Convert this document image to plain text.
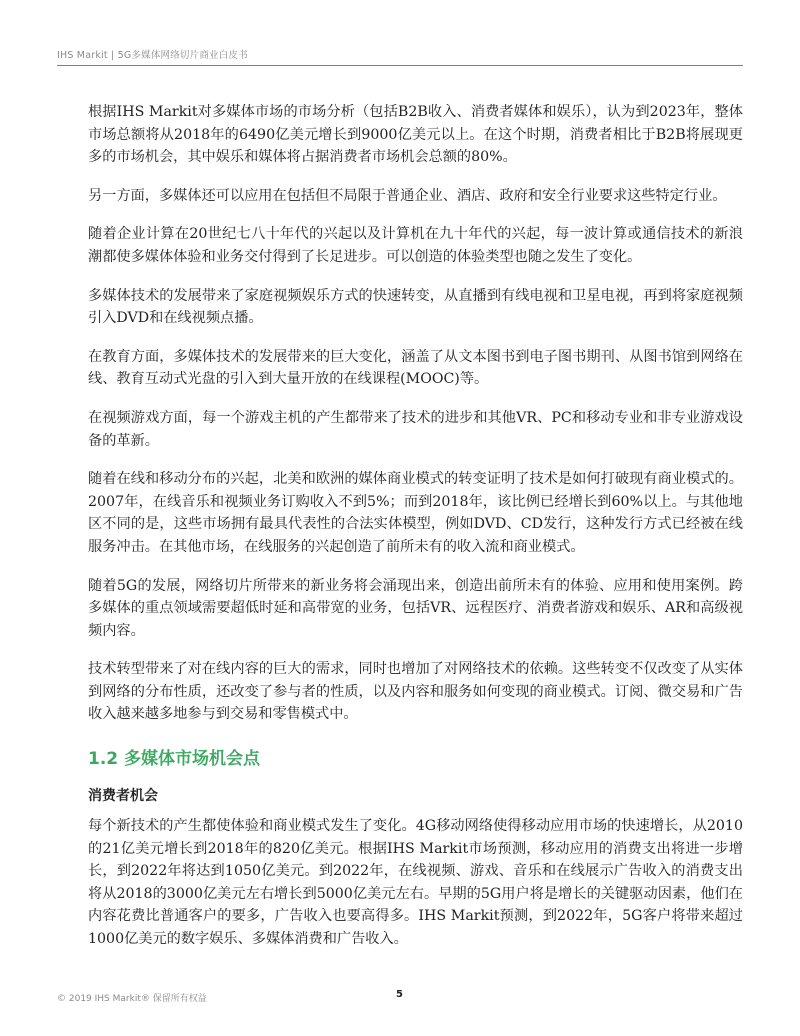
IHS Markit | 5G多媒体网络切片商业白皮书

根据IHS Markit对多媒体市场的市场分析（包括B2B收入、消费者媒体和娱乐），认为到2023年，整体市场总额将从2018年的6490亿美元增长到9000亿美元以上。在这个时期，消费者相比于B2B将展现更多的市场机会，其中娱乐和媒体将占据消费者市场机会总额的80%。

另一方面，多媒体还可以应用在包括但不局限于普通企业、酒店、政府和安全行业要求这些特定行业。

随着企业计算在20世纪七八十年代的兴起以及计算机在九十年代的兴起，每一波计算或通信技术的新浪潮都使多媒体体验和业务交付得到了长足进步。可以创造的体验类型也随之发生了变化。

多媒体技术的发展带来了家庭视频娱乐方式的快速转变，从直播到有线电视和卫星电视，再到将家庭视频引入DVD和在线视频点播。

在教育方面，多媒体技术的发展带来的巨大变化，涵盖了从文本图书到电子图书期刊、从图书馆到网络在线、教育互动式光盘的引入到大量开放的在线课程(MOOC)等。

在视频游戏方面，每一个游戏主机的产生都带来了技术的进步和其他VR、PC和移动专业和非专业游戏设备的革新。

随着在线和移动分布的兴起，北美和欧洲的媒体商业模式的转变证明了技术是如何打破现有商业模式的。2007年，在线音乐和视频业务订购收入不到5%；而到2018年，该比例已经增长到60%以上。与其他地区不同的是，这些市场拥有最具代表性的合法实体模型，例如DVD、CD发行，这种发行方式已经被在线服务冲击。在其他市场，在线服务的兴起创造了前所未有的收入流和商业模式。

随着5G的发展，网络切片所带来的新业务将会涌现出来，创造出前所未有的体验、应用和使用案例。跨多媒体的重点领域需要超低时延和高带宽的业务，包括VR、远程医疗、消费者游戏和娱乐、AR和高级视频内容。

技术转型带来了对在线内容的巨大的需求，同时也增加了对网络技术的依赖。这些转变不仅改变了从实体到网络的分布性质，还改变了参与者的性质，以及内容和服务如何变现的商业模式。订阅、微交易和广告收入越来越多地参与到交易和零售模式中。

1.2 多媒体市场机会点
消费者机会

每个新技术的产生都使体验和商业模式发生了变化。4G移动网络使得移动应用市场的快速增长，从2010的21亿美元增长到2018年的820亿美元。根据IHS Markit市场预测，移动应用的消费支出将进一步增长，到2022年将达到1050亿美元。到2022年，在线视频、游戏、音乐和在线展示广告收入的消费支出将从2018的3000亿美元左右增长到5000亿美元左右。早期的5G用户将是增长的关键驱动因素，他们在内容花费比普通客户的要多，广告收入也要高得多。IHS Markit预测，到2022年，5G客户将带来超过1000亿美元的数字娱乐、多媒体消费和广告收入。

© 2019 IHS Markit® 保留所有权益	5
